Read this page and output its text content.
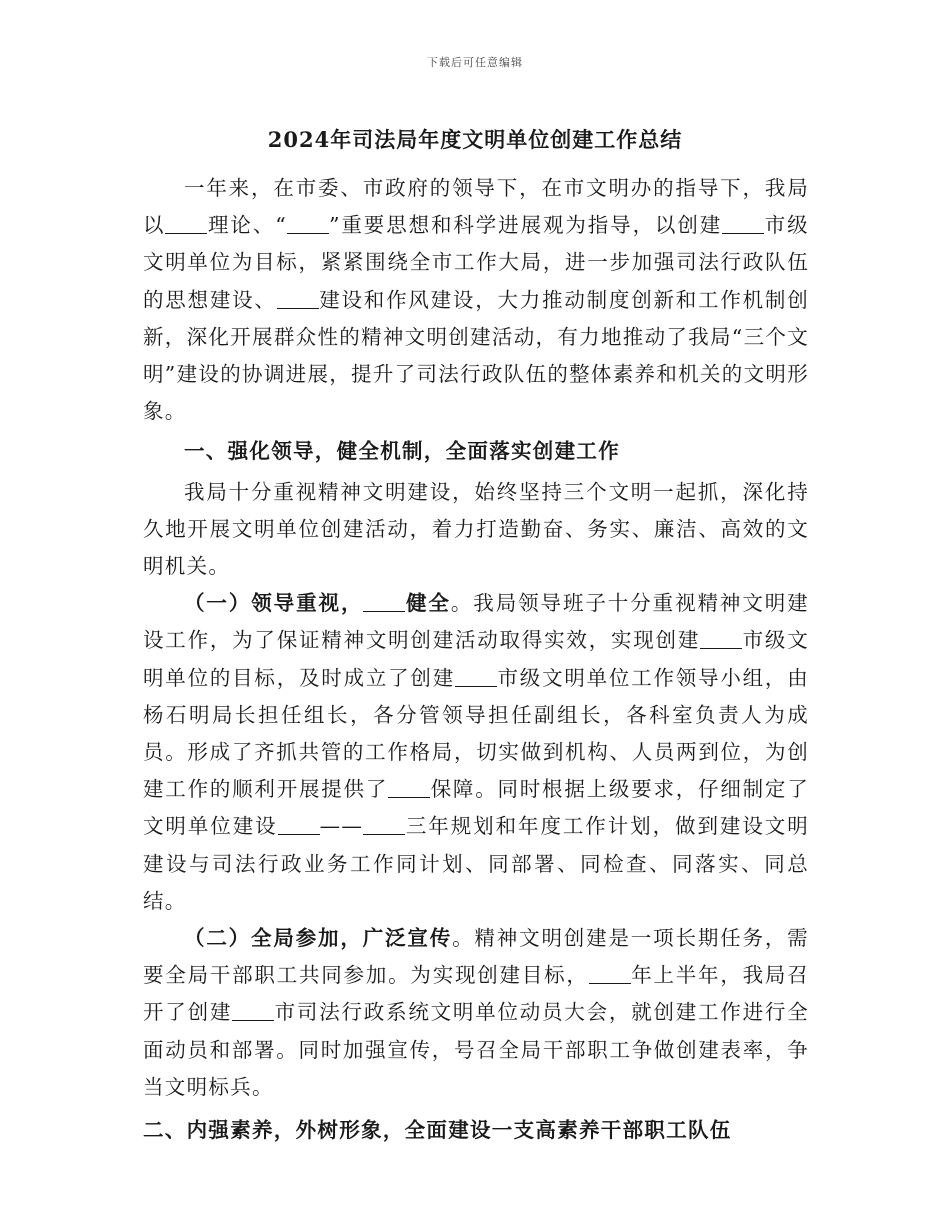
下载后可任意编辑
2024年司法局年度文明单位创建工作总结

一年来，在市委、市政府的领导下，在市文明办的指导下，我局以 理论、“ ”重要思想和科学进展观为指导，以创建 市级文明单位为目标，紧紧围绕全市工作大局，进一步加强司法行政队伍的思想建设、 建设和作风建设，大力推动制度创新和工作机制创新，深化开展群众性的精神文明创建活动，有力地推动了我局“三个文明”建设的协调进展，提升了司法行政队伍的整体素养和机关的文明形象。

一、强化领导，健全机制，全面落实创建工作

我局十分重视精神文明建设，始终坚持三个文明一起抓，深化持久地开展文明单位创建活动，着力打造勤奋、务实、廉洁、高效的文明机关。

（一）领导重视， 健全。我局领导班子十分重视精神文明建设工作，为了保证精神文明创建活动取得实效，实现创建 市级文明单位的目标，及时成立了创建 市级文明单位工作领导小组，由杨石明局长担任组长，各分管领导担任副组长，各科室负责人为成员。形成了齐抓共管的工作格局，切实做到机构、人员两到位，为创建工作的顺利开展提供了 保障。同时根据上级要求，仔细制定了文明单位建设 —— 三年规划和年度工作计划，做到建设文明建设与司法行政业务工作同计划、同部署、同检查、同落实、同总结。

（二）全局参加，广泛宣传。精神文明创建是一项长期任务，需要全局干部职工共同参加。为实现创建目标， 年上半年，我局召开了创建 市司法行政系统文明单位动员大会，就创建工作进行全面动员和部署。同时加强宣传，号召全局干部职工争做创建表率，争当文明标兵。

二、内强素养，外树形象，全面建设一支高素养干部职工队伍
